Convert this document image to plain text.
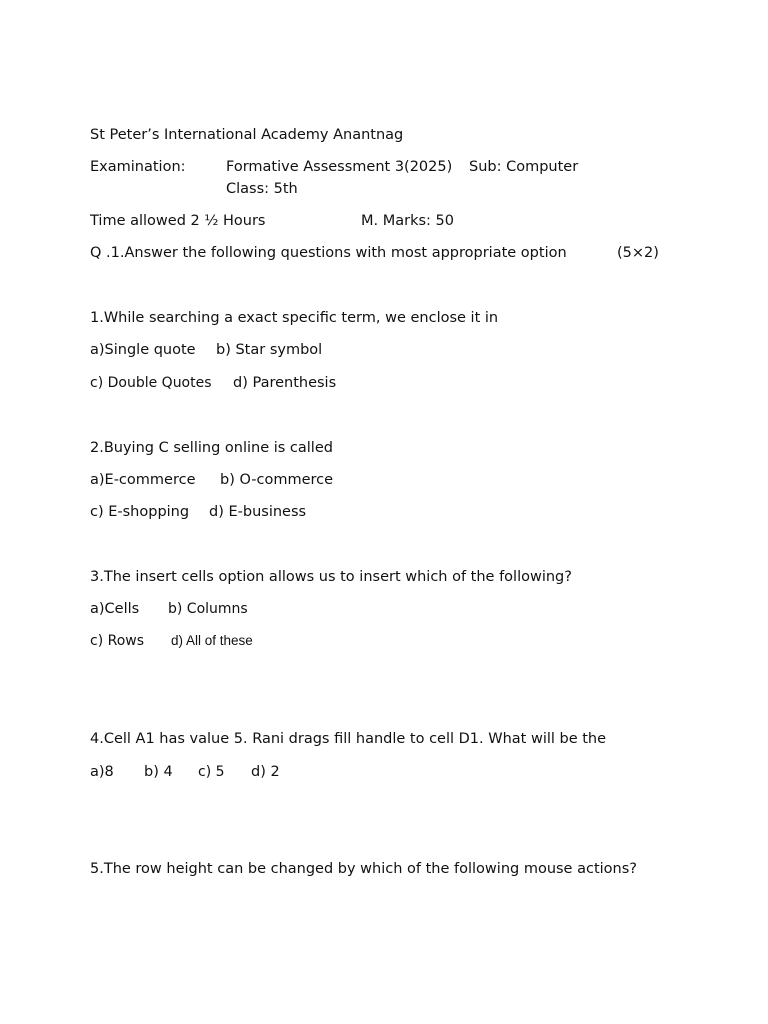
St Peter’s International Academy Anantnag
Examination:	Formative Assessment 3(2025) Sub: Computer
Class: 5th
Time allowed 2 ½ Hours	M. Marks: 50
Q .1.Answer the following questions with most appropriate option	(5×2)
1.While searching a exact specific term, we enclose it in
a)Single quote b) Star symbol
c) Double Quotes d) Parenthesis
2.Buying C selling online is called
a)E-commerce b) O-commerce
c) E-shopping d) E-business
3.The insert cells option allows us to insert which of the following?
a)Cells b) Columns
c) Rows d) All of these
4.Cell A1 has value 5. Rani drags fill handle to cell D1. What will be the
a)8 b) 4 c) 5 d) 2
5.The row height can be changed by which of the following mouse actions?
